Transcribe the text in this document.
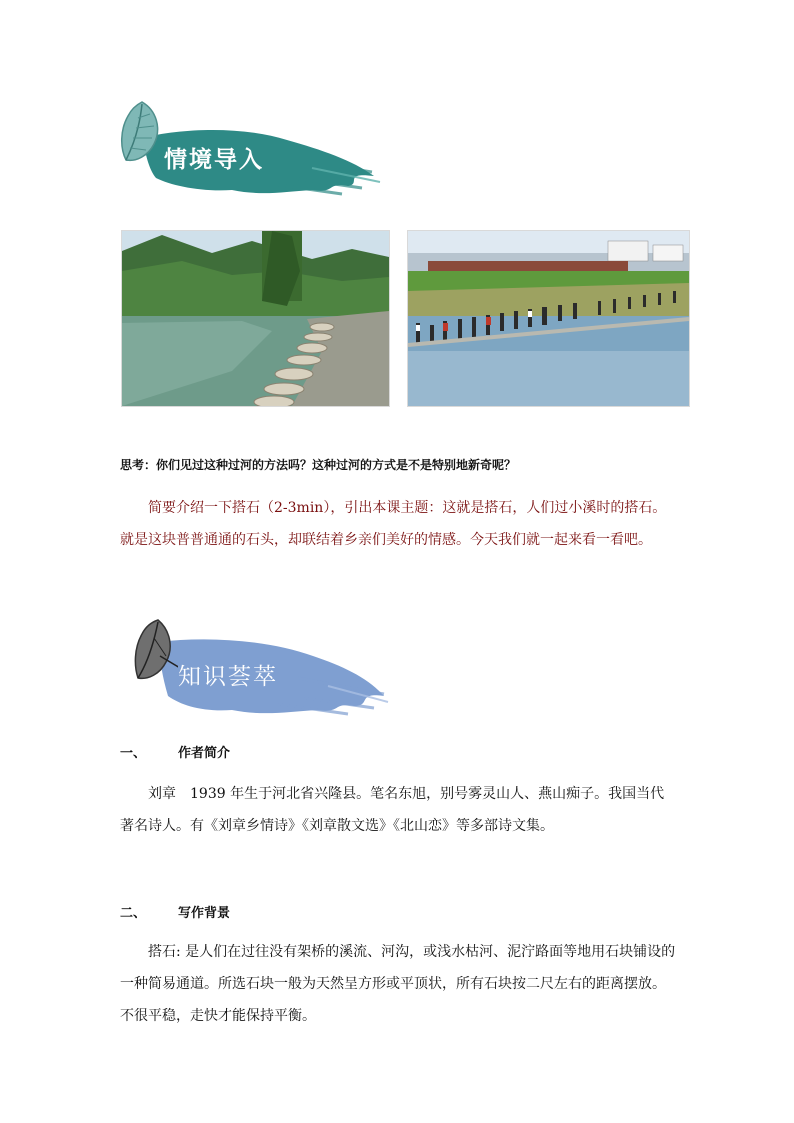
情境导入
思考：你们见过这种过河的方法吗？这种过河的方式是不是特别地新奇呢？
简要介绍一下搭石（2-3min），引出本课主题：这就是搭石，人们过小溪时的搭石。就是这块普普通通的石头，却联结着乡亲们美好的情感。今天我们就一起来看一看吧。
知识荟萃
一、 作者简介
刘章　1939 年生于河北省兴隆县。笔名东旭，别号雾灵山人、燕山痴子。我国当代著名诗人。有《刘章乡情诗》《刘章散文选》《北山恋》等多部诗文集。
二、 写作背景
搭石: 是人们在过往没有架桥的溪流、河沟，或浅水枯河、泥泞路面等地用石块铺设的一种简易通道。所选石块一般为天然呈方形或平顶状，所有石块按二尺左右的距离摆放。不很平稳，走快才能保持平衡。
